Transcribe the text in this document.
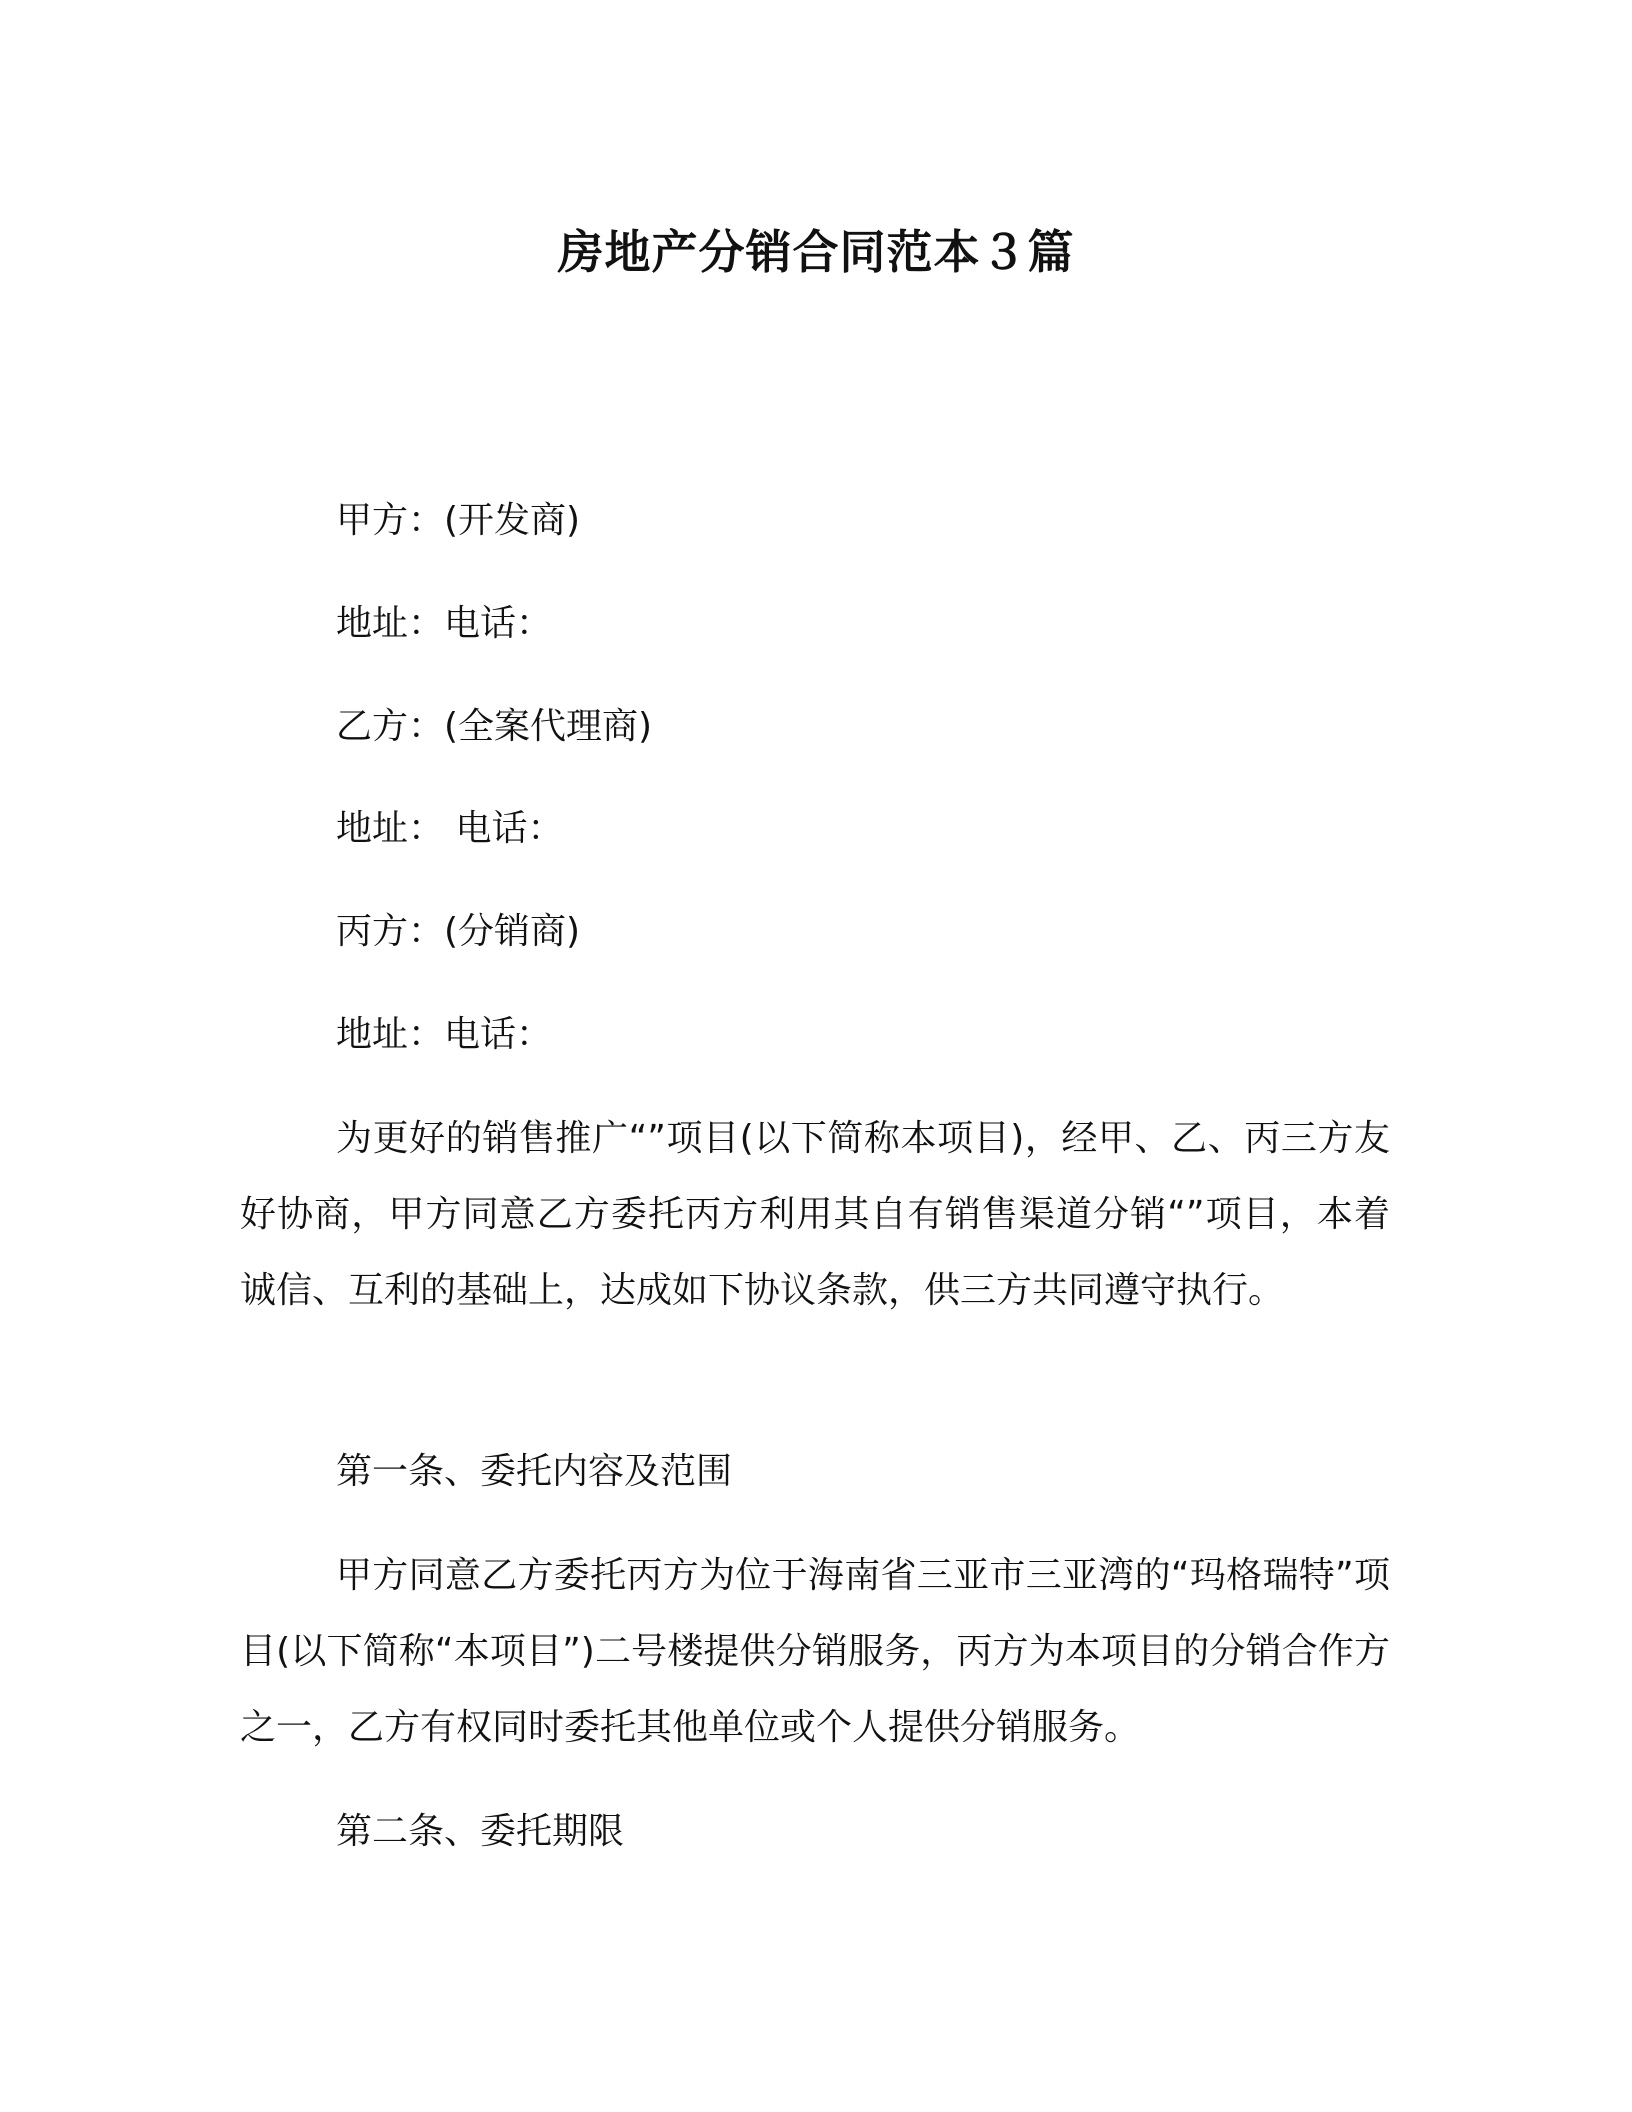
房地产分销合同范本３篇
甲方：(开发商)
地址：电话：
乙方：(全案代理商)
地址： 电话：
丙方：(分销商)
地址：电话：
为更好的销售推广“”项目(以下简称本项目)，经甲、乙、丙三方友好协商，甲方同意乙方委托丙方利用其自有销售渠道分销“”项目，本着诚信、互利的基础上，达成如下协议条款，供三方共同遵守执行。
第一条、委托内容及范围
甲方同意乙方委托丙方为位于海南省三亚市三亚湾的“玛格瑞特”项目(以下简称“本项目”)二号楼提供分销服务，丙方为本项目的分销合作方之一，乙方有权同时委托其他单位或个人提供分销服务。
第二条、委托期限
